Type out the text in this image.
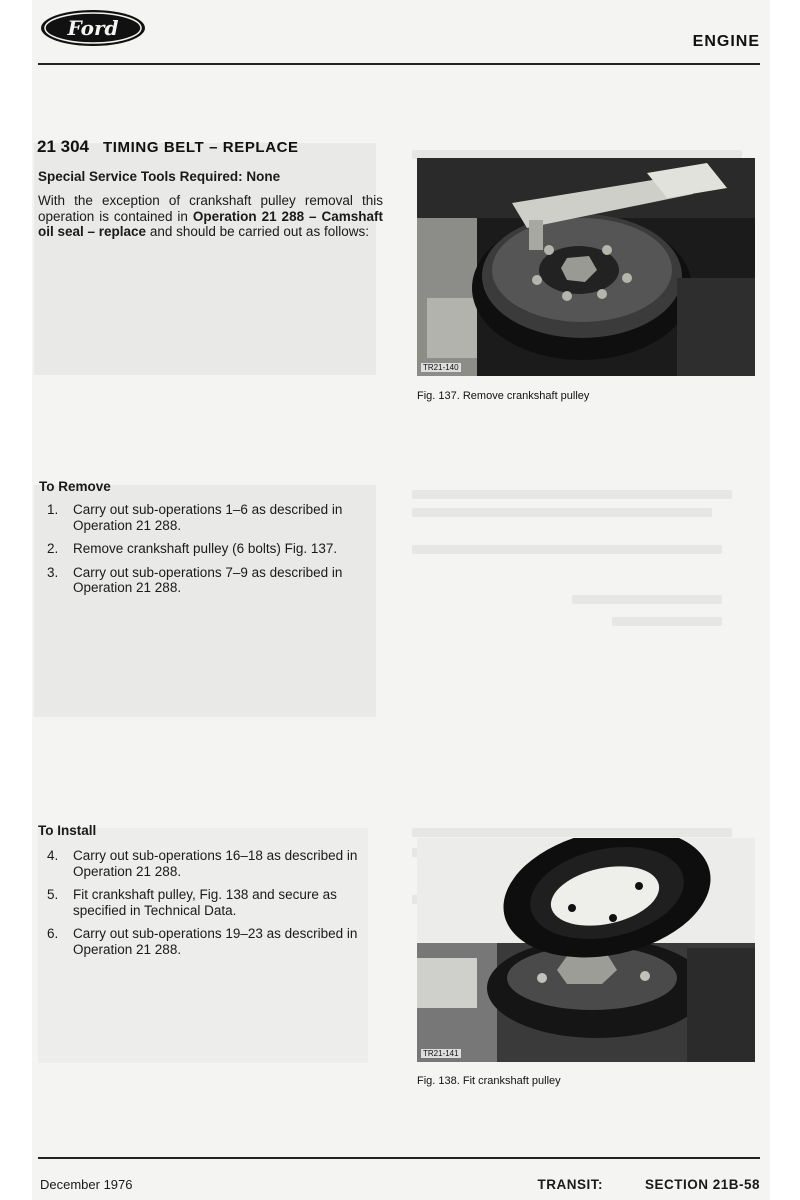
Ford
ENGINE
21 304 TIMING BELT – REPLACE
Special Service Tools Required: None
With the exception of crankshaft pulley removal this operation is contained in Operation 21 288 – Camshaft oil seal – replace and should be carried out as follows:
To Remove
1. Carry out sub-operations 1–6 as described in Operation 21 288.
2. Remove crankshaft pulley (6 bolts) Fig. 137.
3. Carry out sub-operations 7–9 as described in Operation 21 288.
To Install
4. Carry out sub-operations 16–18 as described in Operation 21 288.
5. Fit crankshaft pulley, Fig. 138 and secure as specified in Technical Data.
6. Carry out sub-operations 19–23 as described in Operation 21 288.
TR21-140
Fig. 137. Remove crankshaft pulley
TR21-141
Fig. 138. Fit crankshaft pulley
December 1976	TRANSIT:	SECTION 21B-58
